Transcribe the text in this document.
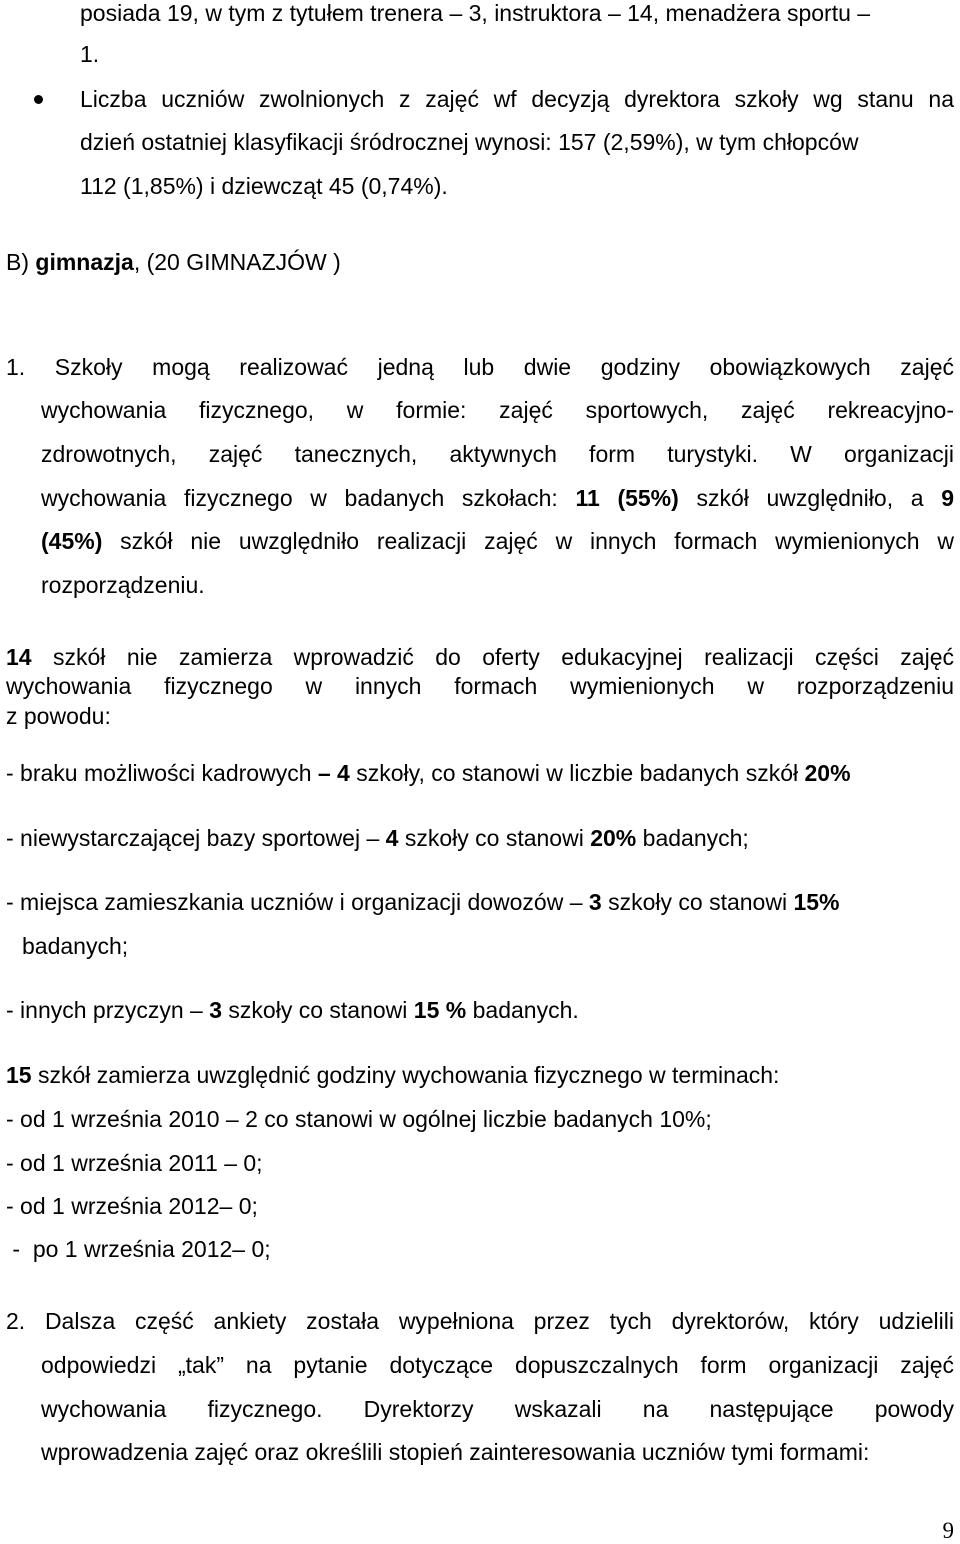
posiada 19, w tym z tytułem trenera – 3, instruktora – 14, menadżera sportu –

1.

Liczba uczniów zwolnionych z zajęć wf decyzją dyrektora szkoły wg stanu na

dzień ostatniej klasyfikacji śródrocznej wynosi: 157 (2,59%), w tym chłopców

112 (1,85%) i dziewcząt 45 (0,74%).

B) gimnazja, (20 GIMNAZJÓW )

1. Szkoły mogą realizować jedną lub dwie godziny obowiązkowych zajęć

wychowania fizycznego, w formie: zajęć sportowych, zajęć rekreacyjno-

zdrowotnych, zajęć tanecznych, aktywnych form turystyki. W organizacji

wychowania fizycznego w badanych szkołach: 11 (55%) szkół uwzględniło, a 9

(45%) szkół nie uwzględniło realizacji zajęć w innych formach wymienionych w

rozporządzeniu.

14 szkół nie zamierza wprowadzić do oferty edukacyjnej realizacji części zajęć

wychowania fizycznego w innych formach wymienionych w rozporządzeniu

z powodu:

- braku możliwości kadrowych – 4 szkoły, co stanowi w liczbie badanych szkół 20%

- niewystarczającej bazy sportowej – 4 szkoły co stanowi 20% badanych;

- miejsca zamieszkania uczniów i organizacji dowozów – 3 szkoły co stanowi 15%

badanych;

- innych przyczyn – 3 szkoły co stanowi 15 % badanych.

15 szkół zamierza uwzględnić godziny wychowania fizycznego w terminach:

- od 1 września 2010 – 2 co stanowi w ogólnej liczbie badanych 10%;

- od 1 września 2011 – 0;

- od 1 września 2012– 0;

-  po 1 września 2012– 0;

2. Dalsza część ankiety została wypełniona przez tych dyrektorów, który udzielili

odpowiedzi „tak” na pytanie dotyczące dopuszczalnych form organizacji zajęć

wychowania fizycznego. Dyrektorzy wskazali na następujące powody

wprowadzenia zajęć oraz określili stopień zainteresowania uczniów tymi formami:

9
